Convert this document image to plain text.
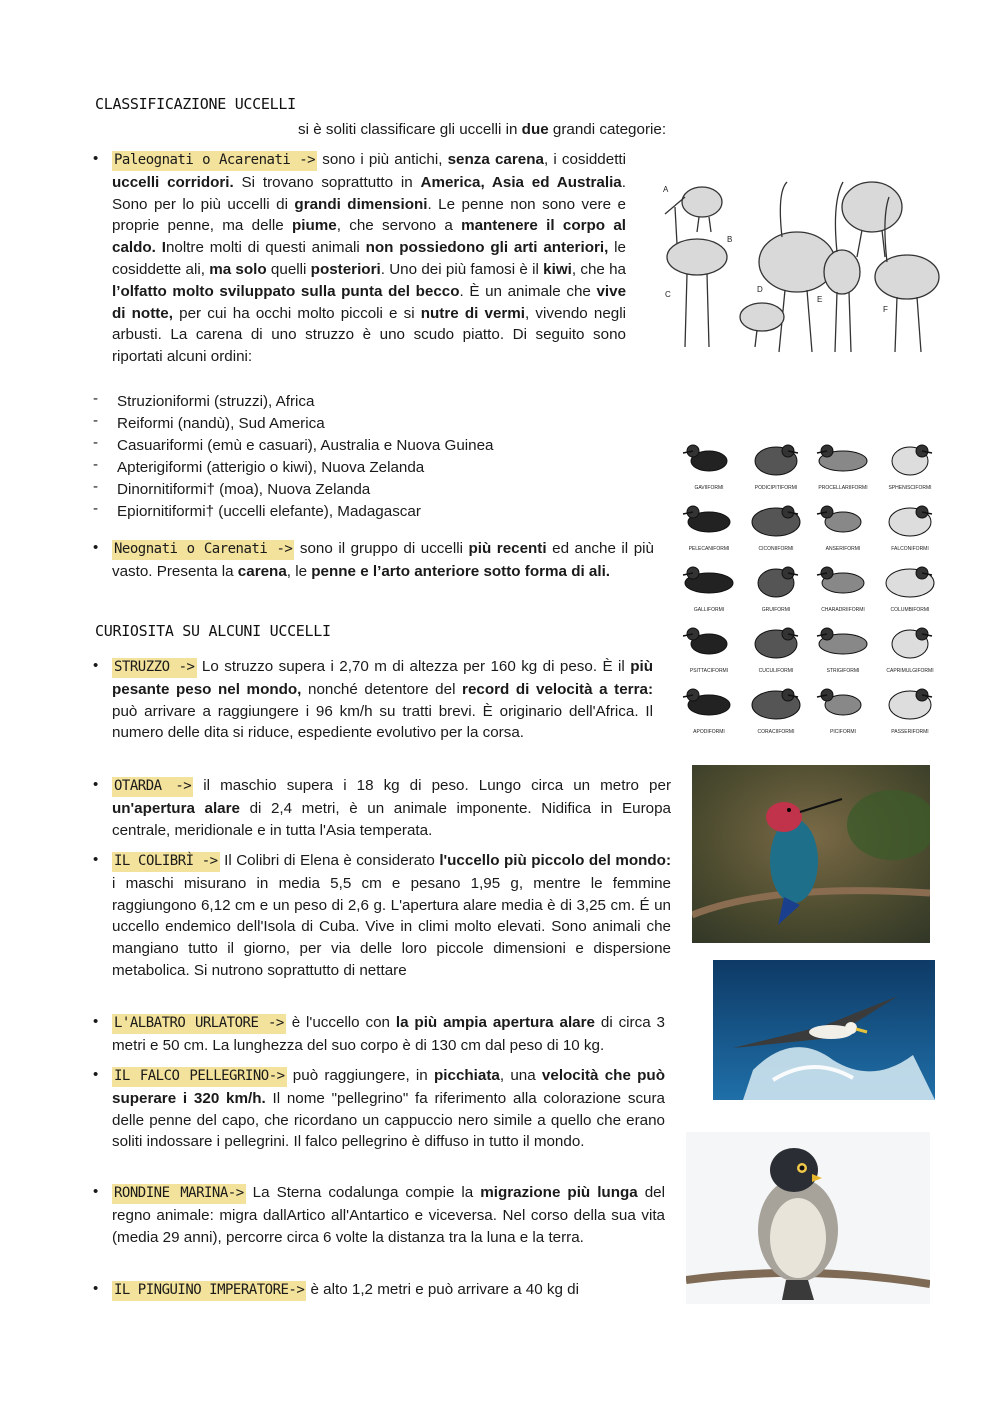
CLASSIFICAZIONE UCCELLI
si è soliti classificare gli uccelli in due grandi categorie:
• Paleognati o Acarenati -> sono i più antichi, senza carena, i cosiddetti uccelli corridori. Si trovano soprattutto in America, Asia ed Australia. Sono per lo più uccelli di grandi dimensioni. Le penne non sono vere e proprie penne, ma delle piume, che servono a mantenere il corpo al caldo. Inoltre molti di questi animali non possiedono gli arti anteriori, le cosiddette ali, ma solo quelli posteriori. Uno dei più famosi è il kiwi, che ha l’olfatto molto sviluppato sulla punta del becco. È un animale che vive di notte, per cui ha occhi molto piccoli e si nutre di vermi, vivendo negli arbusti. La carena di uno struzzo è uno scudo piatto. Di seguito sono riportati alcuni ordini:
- Struzioniformi (struzzi), Africa
- Reiformi (nandù), Sud America
- Casuariformi (emù e casuari), Australia e Nuova Guinea
- Apterigiformi (atterigio o kiwi), Nuova Zelanda
- Dinornitiformi† (moa), Nuova Zelanda
- Epiornitiformi† (uccelli elefante), Madagascar
• Neognati o Carenati -> sono il gruppo di uccelli più recenti ed anche il più vasto. Presenta la carena, le penne e l’arto anteriore sotto forma di ali.
CURIOSITA SU ALCUNI UCCELLI
• STRUZZO -> Lo struzzo supera i 2,70 m di altezza per 160 kg di peso. È il più pesante peso nel mondo, nonché detentore del record di velocità a terra: può arrivare a raggiungere i 96 km/h su tratti brevi. È originario dell'Africa. Il numero delle dita si riduce, espediente evolutivo per la corsa.
• OTARDA -> il maschio supera i 18 kg di peso. Lungo circa un metro per un'apertura alare di 2,4 metri, è un animale imponente. Nidifica in Europa centrale, meridionale e in tutta l'Asia temperata.
• IL COLIBRÌ -> Il Colibri di Elena è considerato l'uccello più piccolo del mondo: i maschi misurano in media 5,5 cm e pesano 1,95 g, mentre le femmine raggiungono 6,12 cm e un peso di 2,6 g. L'apertura alare media è di 3,25 cm. É un uccello endemico dell'Isola di Cuba. Vive in climi molto elevati. Sono animali che mangiano tutto il giorno, per via delle loro piccole dimensioni e dispersione metabolica. Si nutrono soprattutto di nettare
• L'ALBATRO URLATORE -> è l'uccello con la più ampia apertura alare di circa 3 metri e 50 cm. La lunghezza del suo corpo è di 130 cm dal peso di 10 kg.
• IL FALCO PELLEGRINO-> può raggiungere, in picchiata, una velocità che può superare i 320 km/h. Il nome "pellegrino" fa riferimento alla colorazione scura delle penne del capo, che ricordano un cappuccio nero simile a quello che erano soliti indossare i pellegrini. Il falco pellegrino è diffuso in tutto il mondo.
• RONDINE MARINA-> La Sterna codalunga compie la migrazione più lunga del regno animale: migra dallArtico all'Antartico e viceversa. Nel corso della sua vita (media 29 anni), percorre circa 6 volte la distanza tra la luna e la terra.
• IL PINGUINO IMPERATORE-> è alto 1,2 metri e può arrivare a 40 kg di
A
B
C
D
E
F
GAVIIFORMI	PODICIPITIFORMI	PROCELLARIIFORMI	SPHENISCIFORMI
PELECANIFORMI	CICONIIFORMI	ANSERIFORMI	FALCONIFORMI
GALLIFORMI	GRUIFORMI	CHARADRIIFORMI	COLUMBIFORMI
PSITTACIFORMI	CUCULIFORMI	STRIGIFORMI	CAPRIMULGIFORMI
APODIFORMI	CORACIIFORMI	PICIFORMI	PASSERIFORMI
